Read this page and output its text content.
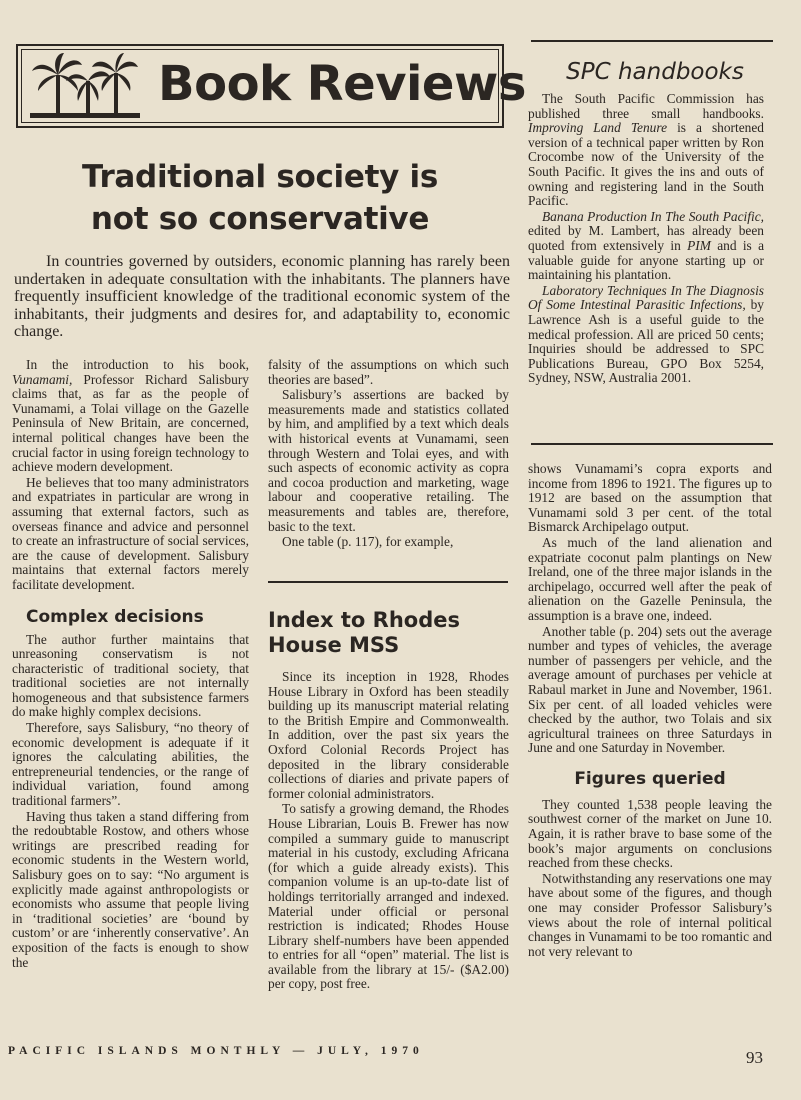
Book Reviews
Traditional society is
not so conservative

In countries governed by outsiders, economic planning has rarely been undertaken in adequate consultation with the inhabitants. The planners have frequently insufficient knowledge of the traditional economic system of the inhabitants, their judgments and desires for, and adaptability to, economic change.

In the introduction to his book, Vunamami, Professor Richard Salisbury claims that, as far as the people of Vunamami, a Tolai village on the Gazelle Peninsula of New Britain, are concerned, internal political changes have been the crucial factor in using foreign technology to achieve modern development.

He believes that too many administrators and expatriates in particular are wrong in assuming that external factors, such as overseas finance and advice and personnel to create an infrastructure of social services, are the cause of development. Salisbury maintains that external factors merely facilitate development.

Complex decisions

The author further maintains that unreasoning conservatism is not characteristic of traditional society, that traditional societies are not internally homogeneous and that subsistence farmers do make highly complex decisions.

Therefore, says Salisbury, “no theory of economic development is adequate if it ignores the calculating abilities, the entrepreneurial tendencies, or the range of individual variation, found among traditional farmers”.

Having thus taken a stand differing from the redoubtable Rostow, and others whose writings are prescribed reading for economic students in the Western world, Salisbury goes on to say: “No argument is explicitly made against anthropologists or economists who assume that people living in ‘traditional societies’ are ‘bound by custom’ or are ‘inherently conservative’. An exposition of the facts is enough to show the

falsity of the assumptions on which such theories are based”.

Salisbury’s assertions are backed by measurements made and statistics collated by him, and amplified by a text which deals with historical events at Vunamami, seen through Western and Tolai eyes, and with such aspects of economic activity as copra and cocoa production and marketing, wage labour and cooperative retailing. The measurements and tables are, therefore, basic to the text.

One table (p. 117), for example,

Index to Rhodes House MSS

Since its inception in 1928, Rhodes House Library in Oxford has been steadily building up its manuscript material relating to the British Empire and Commonwealth. In addition, over the past six years the Oxford Colonial Records Project has deposited in the library considerable collections of diaries and private papers of former colonial administrators.

To satisfy a growing demand, the Rhodes House Librarian, Louis B. Frewer has now compiled a summary guide to manuscript material in his custody, excluding Africana (for which a guide already exists). This companion volume is an up-to-date list of holdings territorially arranged and indexed. Material under official or personal restriction is indicated; Rhodes House Library shelf-numbers have been appended to entries for all “open” material. The list is available from the library at 15/- ($A2.00) per copy, post free.

SPC handbooks

The South Pacific Commission has published three small handbooks. Improving Land Tenure is a shortened version of a technical paper written by Ron Crocombe now of the University of the South Pacific. It gives the ins and outs of owning and registering land in the South Pacific.

Banana Production In The South Pacific, edited by M. Lambert, has already been quoted from extensively in PIM and is a valuable guide for anyone starting up or maintaining his plantation.

Laboratory Techniques In The Diagnosis Of Some Intestinal Parasitic Infections, by Lawrence Ash is a useful guide to the medical profession. All are priced 50 cents; Inquiries should be addressed to SPC Publications Bureau, GPO Box 5254, Sydney, NSW, Australia 2001.

shows Vunamami’s copra exports and income from 1896 to 1921. The figures up to 1912 are based on the assumption that Vunamami sold 3 per cent. of the total Bismarck Archipelago output.

As much of the land alienation and expatriate coconut palm plantings on New Ireland, one of the three major islands in the archipelago, occurred well after the peak of alienation on the Gazelle Peninsula, the assumption is a brave one, indeed.

Another table (p. 204) sets out the average number and types of vehicles, the average number of passengers per vehicle, and the average amount of purchases per vehicle at Rabaul market in June and November, 1961. Six per cent. of all loaded vehicles were checked by the author, two Tolais and six agricultural trainees on three Saturdays in June and one Saturday in November.

Figures queried

They counted 1,538 people leaving the southwest corner of the market on June 10. Again, it is rather brave to base some of the book’s major arguments on conclusions reached from these checks.

Notwithstanding any reservations one may have about some of the figures, and though one may consider Professor Salisbury’s views about the role of internal political changes in Vunamami to be too romantic and not very relevant to

PACIFIC ISLANDS MONTHLY — JULY, 1970	93
